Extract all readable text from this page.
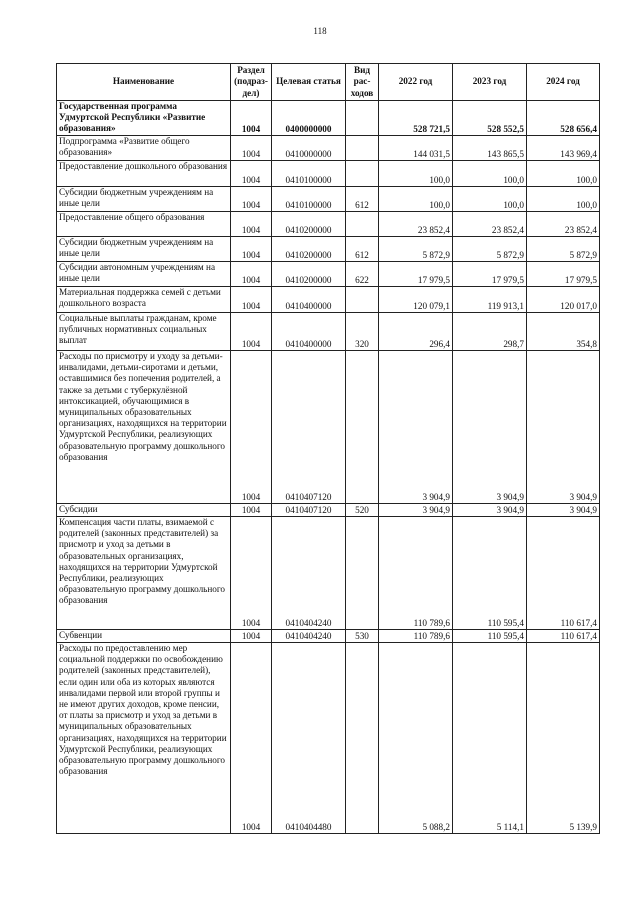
118
Наименование	Раздел (подраз-дел)	Целевая статья	Вид рас-ходов	2022 год	2023 год	2024 год
Государственная программа Удмуртской Республики «Развитие образования»	1004	0400000000		528 721,5	528 552,5	528 656,4
Подпрограмма «Развитие общего образования»	1004	0410000000		144 031,5	143 865,5	143 969,4
Предоставление дошкольного образования	1004	0410100000		100,0	100,0	100,0
Субсидии бюджетным учреждениям на иные цели	1004	0410100000	612	100,0	100,0	100,0
Предоставление общего образования	1004	0410200000		23 852,4	23 852,4	23 852,4
Субсидии бюджетным учреждениям на иные цели	1004	0410200000	612	5 872,9	5 872,9	5 872,9
Субсидии автономным учреждениям на иные цели	1004	0410200000	622	17 979,5	17 979,5	17 979,5
Материальная поддержка семей с детьми дошкольного возраста	1004	0410400000		120 079,1	119 913,1	120 017,0
Социальные выплаты гражданам, кроме публичных нормативных социальных выплат	1004	0410400000	320	296,4	298,7	354,8
Расходы по присмотру и уходу за детьми-инвалидами, детьми-сиротами и детьми, оставшимися без попечения родителей, а также за детьми с туберкулёзной интоксикацией, обучающимися в муниципальных образовательных организациях, находящихся на территории Удмуртской Республики, реализующих образовательную программу дошкольного образования	1004	0410407120		3 904,9	3 904,9	3 904,9
Субсидии	1004	0410407120	520	3 904,9	3 904,9	3 904,9
Компенсация части платы, взимаемой с родителей (законных представителей) за присмотр и уход за детьми в образовательных организациях, находящихся на территории Удмуртской Республики, реализующих образовательную программу дошкольного образования	1004	0410404240		110 789,6	110 595,4	110 617,4
Субвенции	1004	0410404240	530	110 789,6	110 595,4	110 617,4
Расходы по предоставлению мер социальной поддержки по освобождению родителей (законных представителей), если один или оба из которых являются инвалидами первой или второй группы и не имеют других доходов, кроме пенсии, от платы за присмотр и уход за детьми в муниципальных образовательных организациях, находящихся на территории Удмуртской Республики, реализующих образовательную программу дошкольного образования	1004	0410404480		5 088,2	5 114,1	5 139,9
